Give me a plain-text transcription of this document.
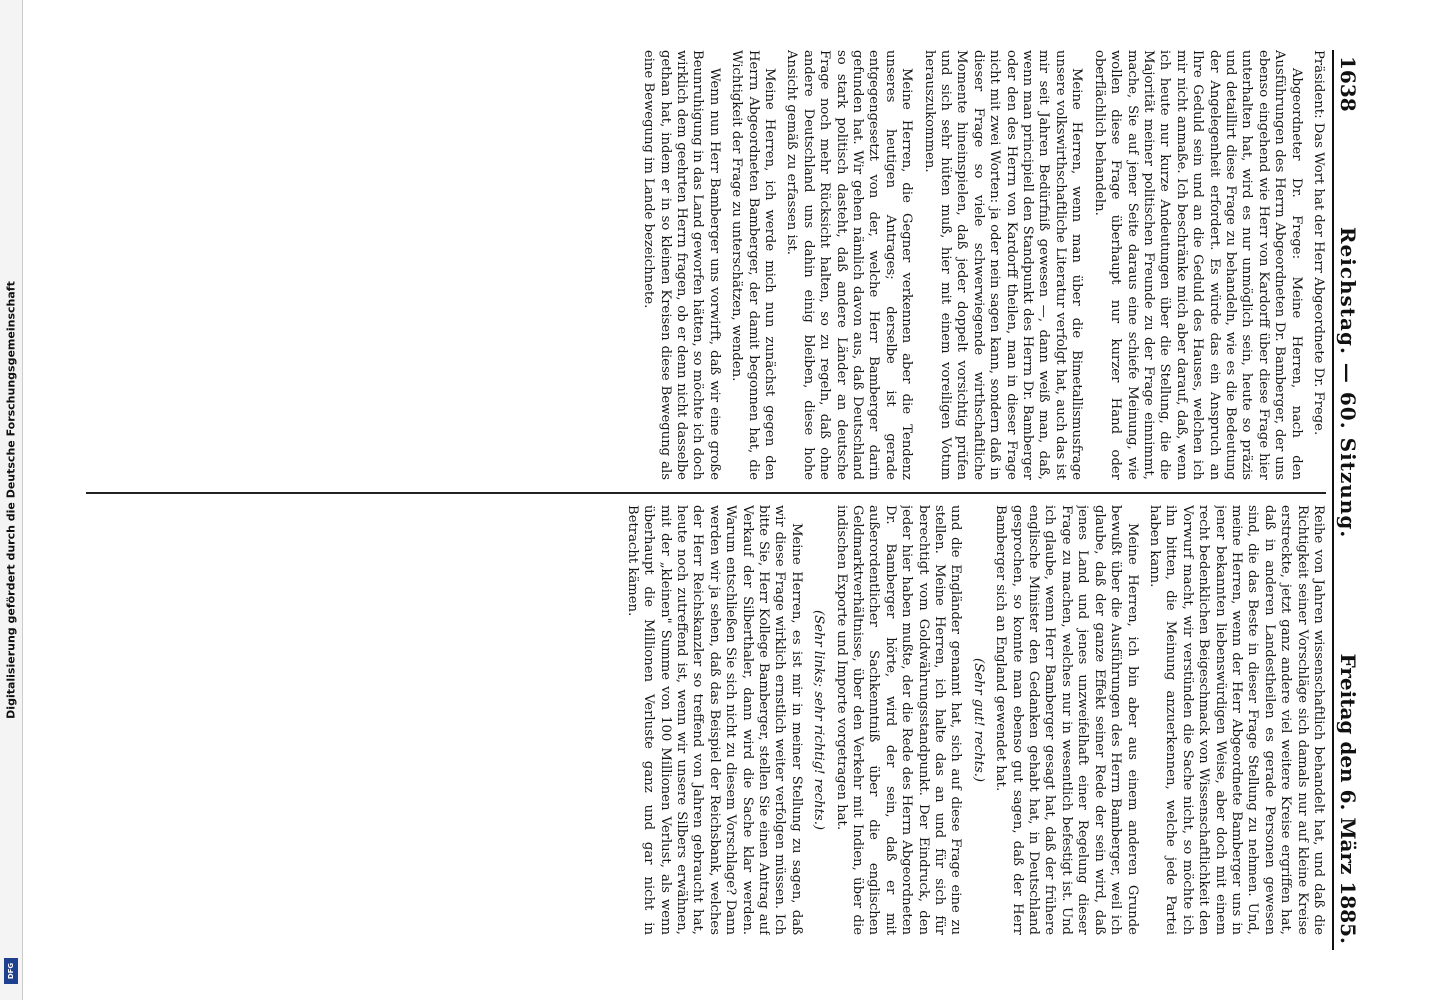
1638
Reichstag. — 60. Sitzung.
Freitag den 6. März 1885.

Präsident: Das Wort hat der Herr Abgeordnete Dr. Frege.

Abgeordneter Dr. Frege: Meine Herren, nach den Ausführungen des Herrn Abgeordneten Dr. Bamberger, der uns ebenso eingehend wie Herr von Kardorff über diese Frage hier unterhalten hat, wird es nur unmöglich sein, heute so präzis und detaillirt diese Frage zu behandeln, wie es die Bedeutung der Angelegenheit erfordert. Es würde das ein Anspruch an Ihre Geduld sein und an die Geduld des Hauses, welchen ich mir nicht anmaße. Ich beschränke mich aber darauf, daß, wenn ich heute nur kurze Andeutungen über die Stellung, die die Majorität meiner politischen Freunde zu der Frage einnimmt, mache, Sie auf jener Seite daraus eine schiefe Meinung, wie wollen diese Frage überhaupt nur kurzer Hand oder oberflächlich behandeln.

Meine Herren, wenn man über die Bimetallismusfrage unsere volkswirthschaftliche Literatur verfolgt hat, auch das ist mir seit Jahren Bedürfniß gewesen —, dann weiß man, daß, wenn man principiell den Standpunkt des Herrn Dr. Bamberger oder den des Herrn von Kardorff theilen, man in dieser Frage nicht mit zwei Worten: ja oder nein sagen kann, sondern daß in dieser Frage so viele schwerwiegende wirthschaftliche Momente hineinspielen, daß jeder doppelt vorsichtig prüfen und sich sehr hüten muß, hier mit einem voreiligen Votum herauszukommen.

Meine Herren, die Gegner verkennen aber die Tendenz unseres heutigen Antrages; derselbe ist gerade entgegengesetzt von der, welche Herr Bamberger darin gefunden hat. Wir gehen nämlich davon aus, daß Deutschland so stark politisch dasteht, daß andere Länder an deutsche Frage noch mehr Rücksicht halten, so zu regeln, daß ohne andere Deutschland uns dahin einig bleiben, diese hohe Ansicht gemäß zu erfassen ist.

Meine Herren, ich werde mich nun zunächst gegen den Herrn Abgeordneten Bamberger, der damit begonnen hat, die Wichtigkeit der Frage zu unterschätzen, wenden.

Wenn nun Herr Bamberger uns vorwirft, daß wir eine große Beunruhigung in das Land geworfen hätten, so möchte ich doch wirklich dem geehrten Herrn fragen, ob er denn nicht dasselbe gethan hat, indem er in so kleinen Kreisen diese Bewegung als eine Bewegung im Lande bezeichnete.

Reihe von Jahren wissenschaftlich behandelt hat, und daß die Richtigkeit seiner Vorschläge sich damals nur auf kleine Kreise erstreckte, jetzt ganz andere viel weitere Kreise ergriffen hat, daß in anderen Landestheilen es gerade Personen gewesen sind, die das Beste in dieser Frage Stellung zu nehmen. Und, meine Herren, wenn der Herr Abgeordnete Bamberger uns in jener bekannten liebenswürdigen Weise, aber doch mit einem recht bedenklichen Beigeschmack von Wissenschaftlichkeit den Vorwurf macht, wir verstünden die Sache nicht, so möchte ich ihn bitten, die Meinung anzuerkennen, welche jede Partei haben kann.

Meine Herren, ich bin aber aus einem anderen Grunde bewußt über die Ausführungen des Herrn Bamberger, weil ich glaube, daß der ganze Effekt seiner Rede der sein wird, daß jenes Land und jenes unzweifelhaft einer Regelung dieser Frage zu machen, welches nur in wesentlich befestigt ist. Und ich glaube, wenn Herr Bamberger gesagt hat, daß der frühere englische Minister den Gedanken gehabt hat, in Deutschland gesprochen, so konnte man ebenso gut sagen, daß der Herr Bamberger sich an England gewendet hat.

(Sehr gut! rechts.)

und die Engländer genannt hat, sich auf diese Frage eine zu stellen. Meine Herren, ich halte das an und für sich für berechtigt vom Goldwährungsstandpunkt. Der Eindruck, den jeder hier haben mußte, der die Rede des Herrn Abgeordneten Dr. Bamberger hörte, wird der sein, daß er mit außerordentlicher Sachkenntniß über die englischen Geldmarktverhältnisse, über den Verkehr mit Indien, über die indischen Exporte und Importe vorgetragen hat.

(Sehr links; sehr richtig! rechts.)

Meine Herren, es ist mir in meiner Stellung zu sagen, daß wir diese Frage wirklich ernstlich weiter verfolgen müssen. Ich bitte Sie, Herr Kollege Bamberger, stellen Sie einen Antrag auf Verkauf der Silberthaler, dann wird die Sache klar werden. Warum entschließen Sie sich nicht zu diesem Vorschlage? Dann werden wir ja sehen, daß das Beispiel der Reichsbank, welches der Herr Reichskanzler so treffend von Jahren gebraucht hat, heute noch zutreffend ist, wenn wir unsere Silbers erwähnen, mit der „kleinen" Summe von 100 Millionen Verlust, als wenn überhaupt die Millionen Verluste ganz und gar nicht in Betracht kämen.

Digitalisierung gefördert durch die Deutsche Forschungsgemeinschaft
DFG
